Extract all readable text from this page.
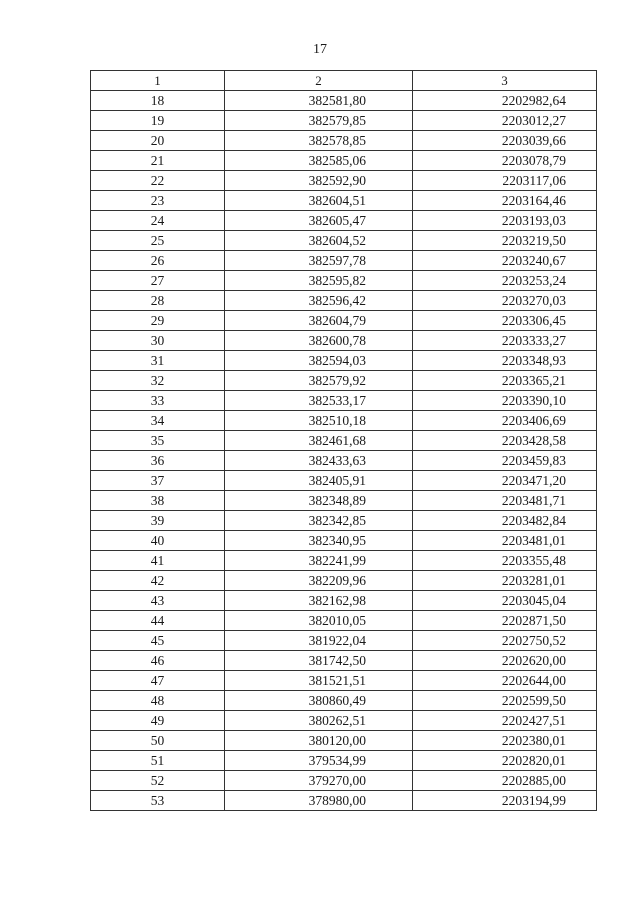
17
1	2	3
18	382581,80	2202982,64
19	382579,85	2203012,27
20	382578,85	2203039,66
21	382585,06	2203078,79
22	382592,90	2203117,06
23	382604,51	2203164,46
24	382605,47	2203193,03
25	382604,52	2203219,50
26	382597,78	2203240,67
27	382595,82	2203253,24
28	382596,42	2203270,03
29	382604,79	2203306,45
30	382600,78	2203333,27
31	382594,03	2203348,93
32	382579,92	2203365,21
33	382533,17	2203390,10
34	382510,18	2203406,69
35	382461,68	2203428,58
36	382433,63	2203459,83
37	382405,91	2203471,20
38	382348,89	2203481,71
39	382342,85	2203482,84
40	382340,95	2203481,01
41	382241,99	2203355,48
42	382209,96	2203281,01
43	382162,98	2203045,04
44	382010,05	2202871,50
45	381922,04	2202750,52
46	381742,50	2202620,00
47	381521,51	2202644,00
48	380860,49	2202599,50
49	380262,51	2202427,51
50	380120,00	2202380,01
51	379534,99	2202820,01
52	379270,00	2202885,00
53	378980,00	2203194,99
